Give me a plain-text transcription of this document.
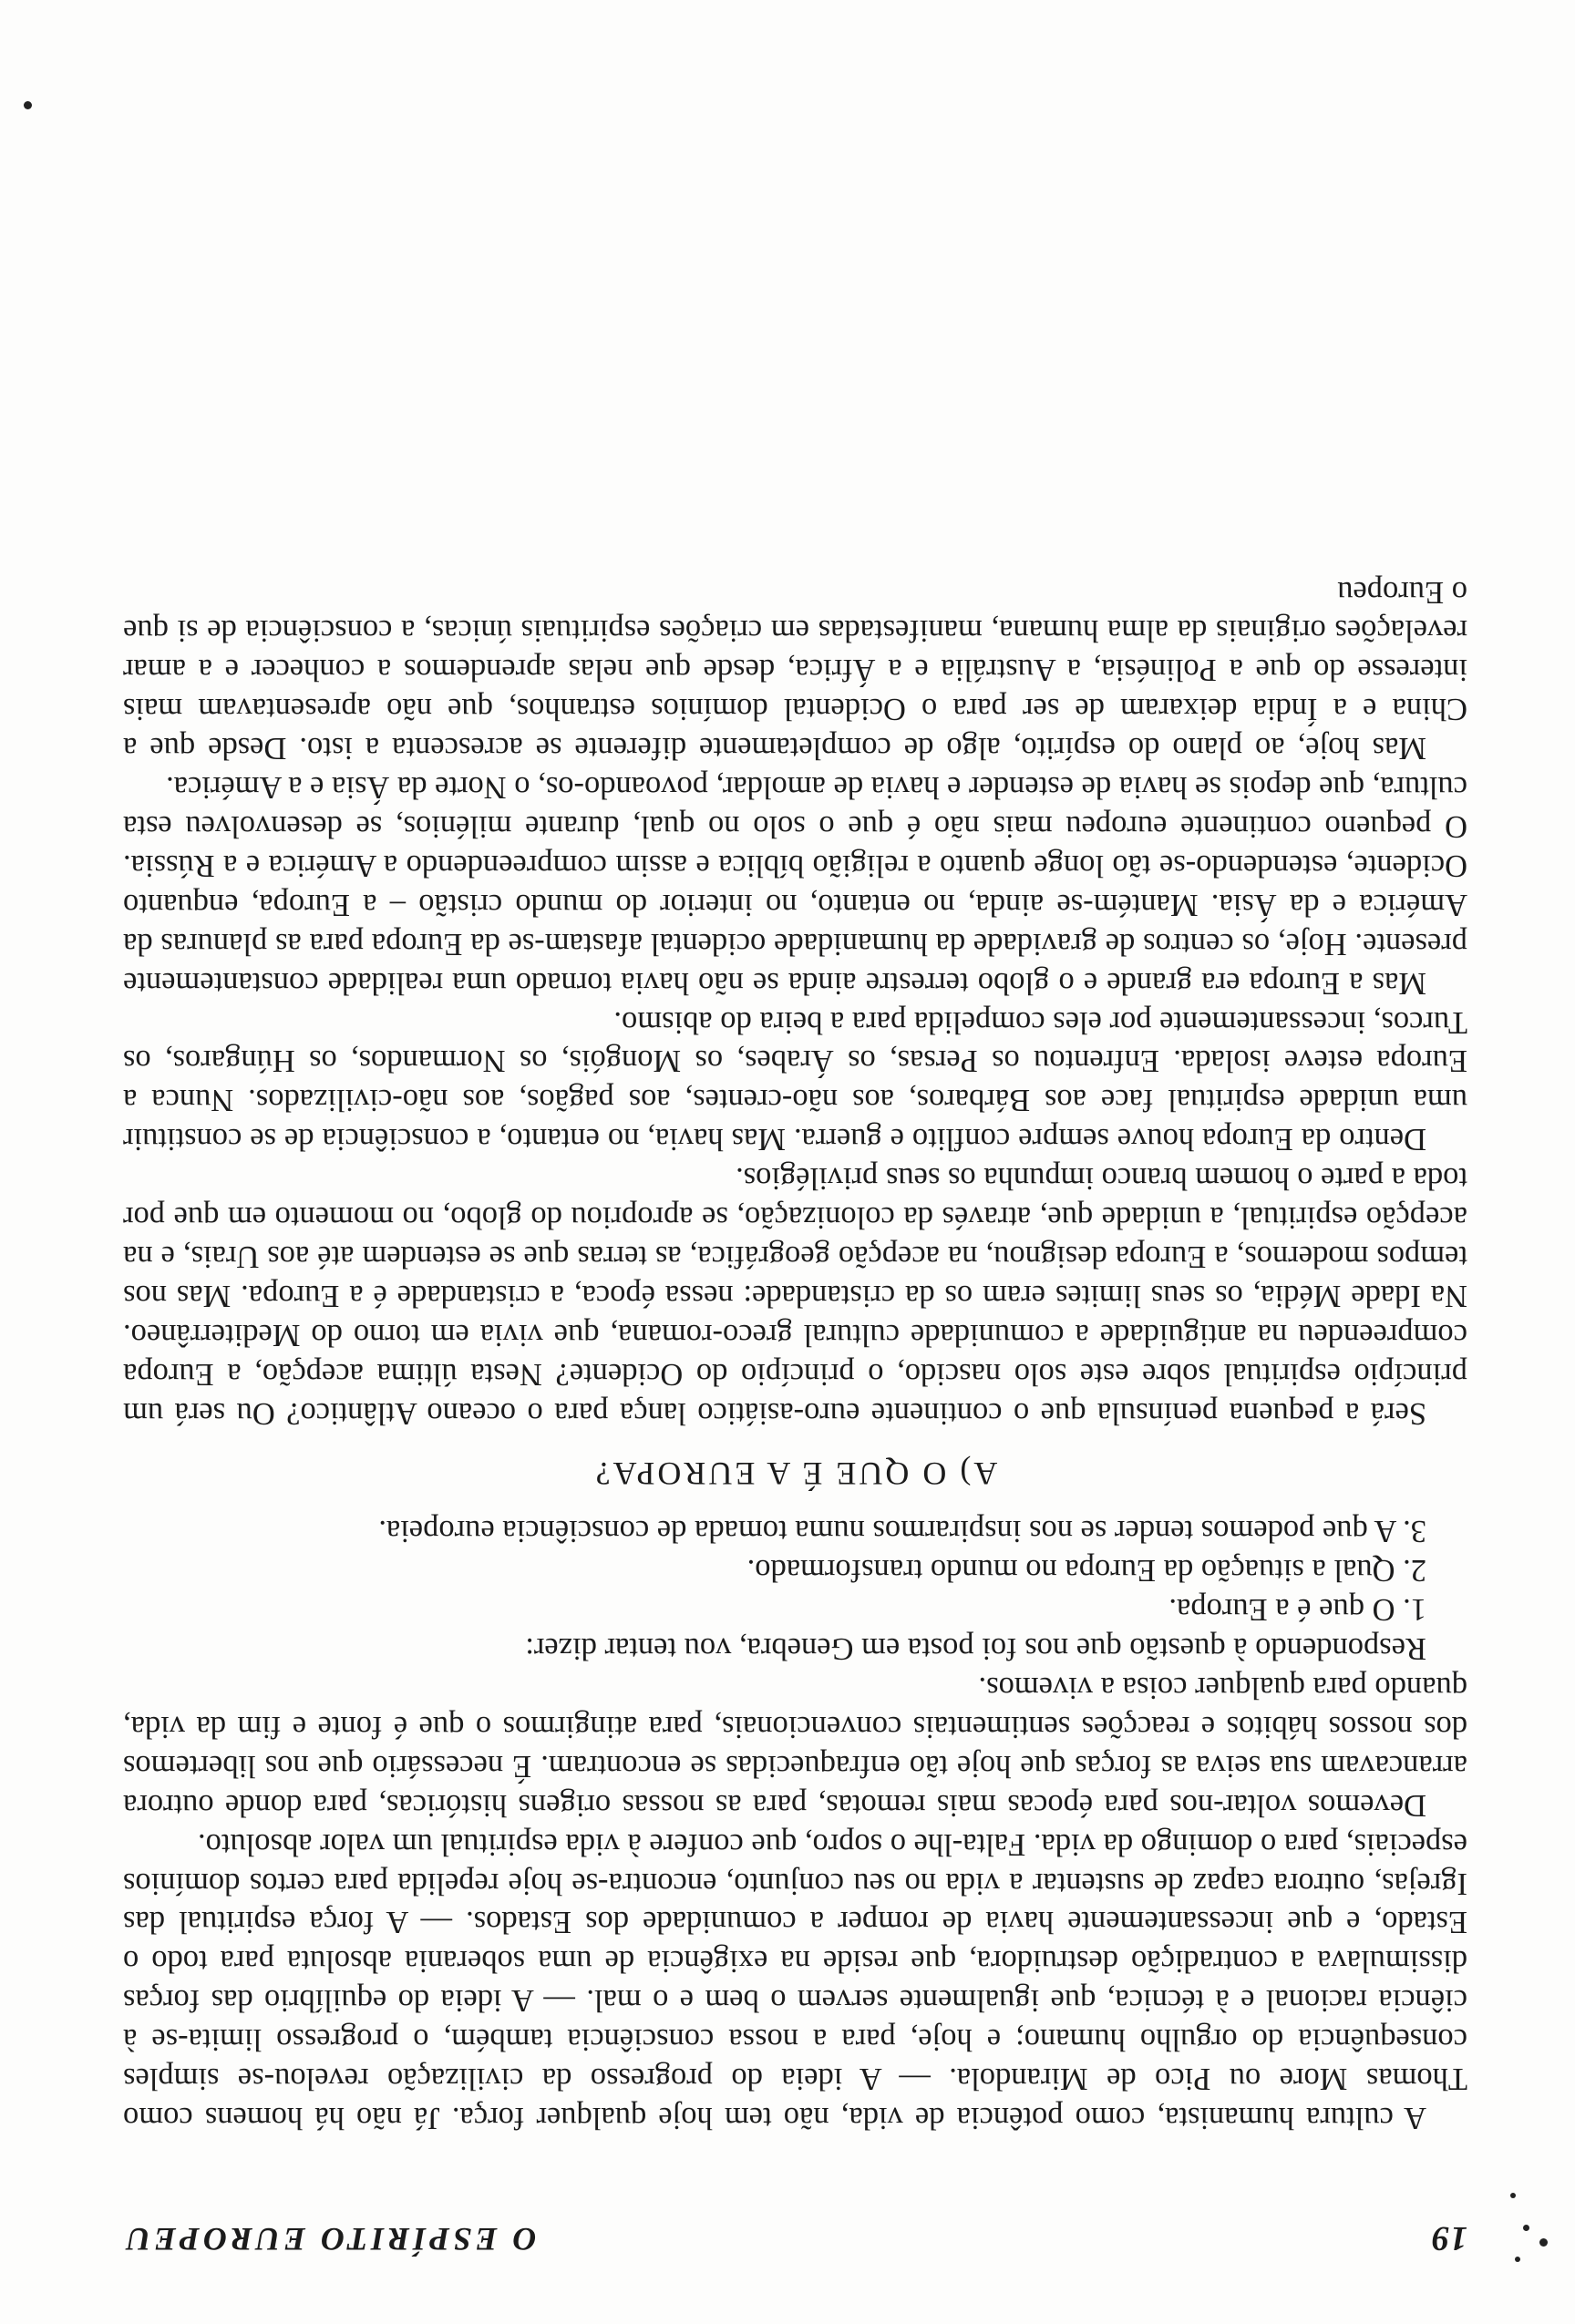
19
O ESPÍRITO EUROPEU

A cultura humanista, como potência de vida, não tem hoje qualquer força. Já não há homens como Thomas More ou Pico de Mirandola. — A ideia do progresso da civilização revelou-se simples consequência do orgulho humano; e hoje, para a nossa consciência também, o progresso limita-se à ciência racional e à técnica, que igualmente servem o bem e o mal. — A ideia do equilíbrio das forças dissimulava a contradição destruidora, que reside na exigência de uma soberania absoluta para todo o Estado, e que incessantemente havia de romper a comunidade dos Estados. — A força espiritual das Igrejas, outrora capaz de sustentar a vida no seu conjunto, encontra-se hoje repelida para certos domínios especiais, para o domingo da vida. Falta-lhe o sopro, que confere à vida espiritual um valor absoluto.

Devemos voltar-nos para épocas mais remotas, para as nossas origens históricas, para donde outrora arrancavam sua seiva as forças que hoje tão enfraquecidas se encontram. É necessário que nos libertemos dos nossos hábitos e reacções sentimentais convencionais, para atingirmos o que é fonte e fim da vida, quando para qualquer coisa a vivemos.

Respondendo à questão que nos foi posta em Genebra, vou tentar dizer:

1. O que é a Europa.

2. Qual a situação da Europa no mundo transformado.

3. A que podemos tender se nos inspirarmos numa tomada de consciência europeia.

A) O QUE É A EUROPA?

Será a pequena península que o continente euro-asiático lança para o oceano Atlântico? Ou será um princípio espiritual sobre este solo nascido, o princípio do Ocidente? Nesta última acepção, a Europa compreendeu na antiguidade a comunidade cultural greco-romana, que vivia em torno do Mediterrâneo. Na Idade Média, os seus limites eram os da cristandade: nessa época, a cristandade é a Europa. Mas nos tempos modernos, a Europa designou, na acepção geográfica, as terras que se estendem até aos Urais, e na acepção espiritual, a unidade que, através da colonização, se apropriou do globo, no momento em que por toda a parte o homem branco impunha os seus privilégios.

Dentro da Europa houve sempre conflito e guerra. Mas havia, no entanto, a consciência de se constituir uma unidade espiritual face aos Bárbaros, aos não-crentes, aos pagãos, aos não-civilizados. Nunca a Europa esteve isolada. Enfrentou os Persas, os Árabes, os Mongóis, os Normandos, os Húngaros, os Turcos, incessantemente por eles compelida para a beira do abismo.

Mas a Europa era grande e o globo terrestre ainda se não havia tornado uma realidade constantemente presente. Hoje, os centros de gravidade da humanidade ocidental afastam-se da Europa para as planuras da América e da Ásia. Mantém-se ainda, no entanto, no interior do mundo cristão – a Europa, enquanto Ocidente, estendendo-se tão longe quanto a religião bíblica e assim compreendendo a América e a Rússia. O pequeno continente europeu mais não é que o solo no qual, durante milénios, se desenvolveu esta cultura, que depois se havia de estender e havia de amoldar, povoando-os, o Norte da Ásia e a América.

Mas hoje, ao plano do espírito, algo de completamente diferente se acrescenta a isto. Desde que a China e a Índia deixaram de ser para o Ocidental domínios estranhos, que não apresentavam mais interesse do que a Polinésia, a Austrália e a África, desde que nelas aprendemos a conhecer e a amar revelações originais da alma humana, manifestadas em criações espirituais únicas, a consciência de si que o Europeu
